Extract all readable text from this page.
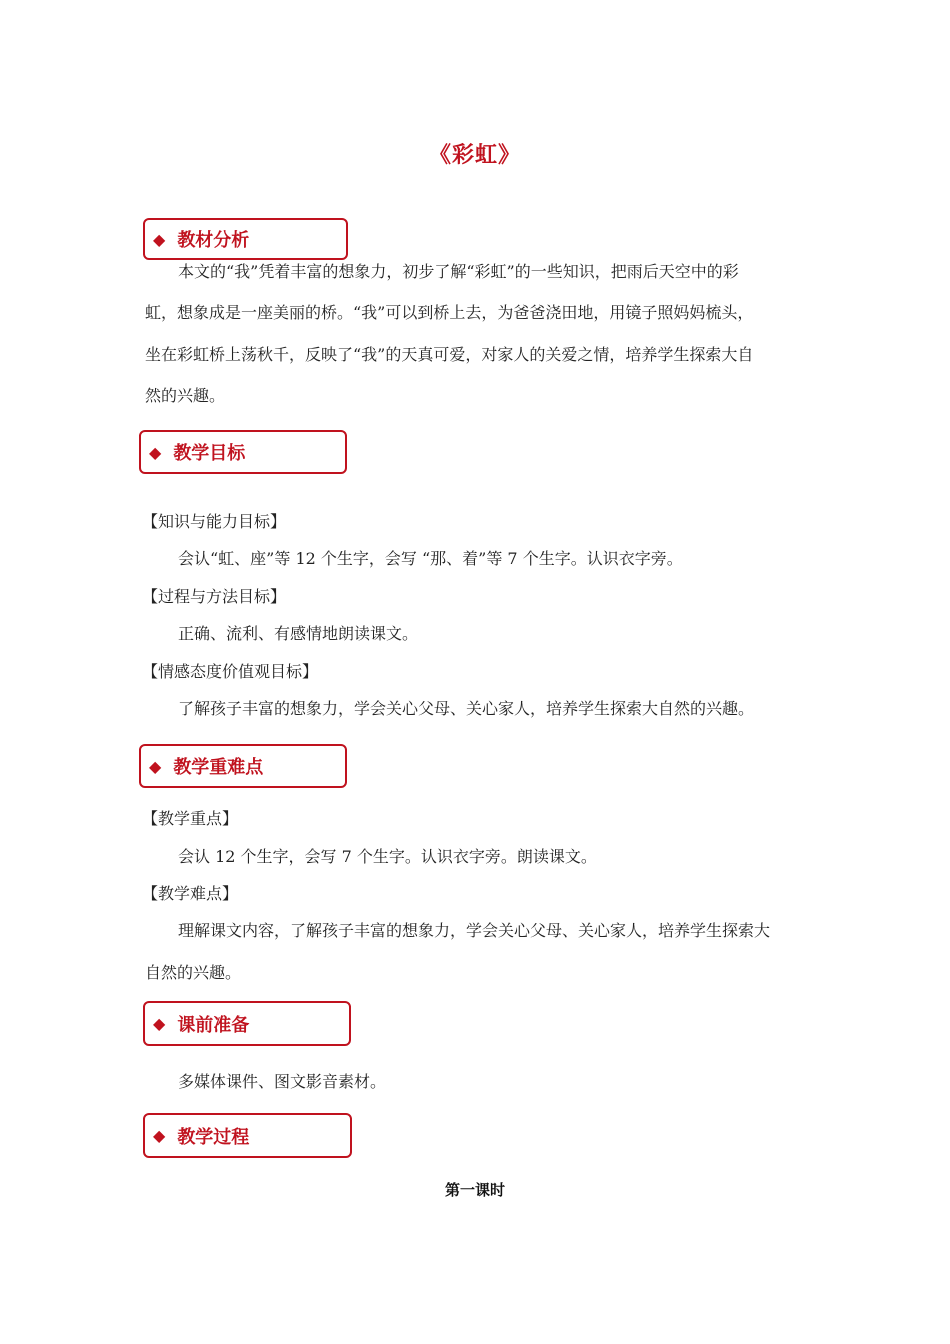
《彩虹》
◆ 教材分析
本文的“我”凭着丰富的想象力，初步了解“彩虹”的一些知识，把雨后天空中的彩
虹，想象成是一座美丽的桥。“我”可以到桥上去，为爸爸浇田地，用镜子照妈妈梳头，
坐在彩虹桥上荡秋千，反映了“我”的天真可爱，对家人的关爱之情，培养学生探索大自
然的兴趣。
◆ 教学目标
【知识与能力目标】
会认“虹、座”等 12 个生字，会写 “那、着”等 7 个生字。认识衣字旁。
【过程与方法目标】
正确、流利、有感情地朗读课文。
【情感态度价值观目标】
了解孩子丰富的想象力，学会关心父母、关心家人，培养学生探索大自然的兴趣。
◆ 教学重难点
【教学重点】
会认 12 个生字，会写 7 个生字。认识衣字旁。朗读课文。
【教学难点】
理解课文内容，了解孩子丰富的想象力，学会关心父母、关心家人，培养学生探索大
自然的兴趣。
◆ 课前准备
多媒体课件、图文影音素材。
◆ 教学过程
第一课时
